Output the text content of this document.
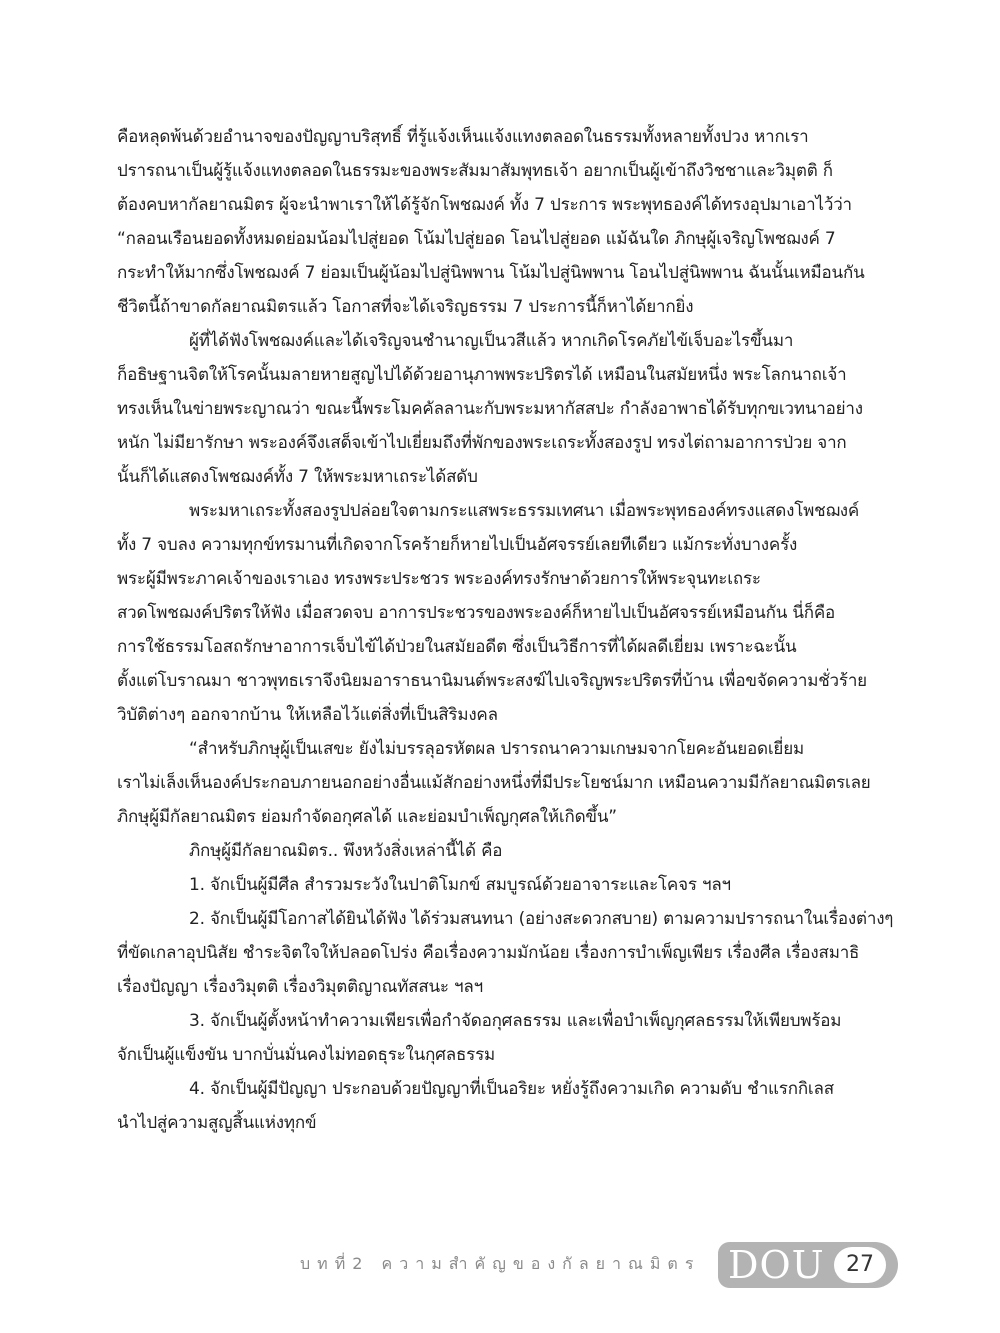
คือหลุดพ้นด้วยอำนาจของปัญญาบริสุทธิ์ ที่รู้แจ้งเห็นแจ้งแทงตลอดในธรรมทั้งหลายทั้งปวง หากเรา
ปรารถนาเป็นผู้รู้แจ้งแทงตลอดในธรรมะของพระสัมมาสัมพุทธเจ้า อยากเป็นผู้เข้าถึงวิชชาและวิมุตติ ก็
ต้องคบหากัลยาณมิตร ผู้จะนำพาเราให้ได้รู้จักโพชฌงค์ ทั้ง 7 ประการ พระพุทธองค์ได้ทรงอุปมาเอาไว้ว่า
“กลอนเรือนยอดทั้งหมดย่อมน้อมไปสู่ยอด โน้มไปสู่ยอด โอนไปสู่ยอด แม้ฉันใด ภิกษุผู้เจริญโพชฌงค์ 7
กระทำให้มากซึ่งโพชฌงค์ 7 ย่อมเป็นผู้น้อมไปสู่นิพพาน โน้มไปสู่นิพพาน โอนไปสู่นิพพาน ฉันนั้นเหมือนกัน
ชีวิตนี้ถ้าขาดกัลยาณมิตรแล้ว โอกาสที่จะได้เจริญธรรม 7 ประการนี้ก็หาได้ยากยิ่ง
ผู้ที่ได้ฟังโพชฌงค์และได้เจริญจนชำนาญเป็นวสีแล้ว หากเกิดโรคภัยไข้เจ็บอะไรขึ้นมา
ก็อธิษฐานจิตให้โรคนั้นมลายหายสูญไปได้ด้วยอานุภาพพระปริตรได้ เหมือนในสมัยหนึ่ง พระโลกนาถเจ้า
ทรงเห็นในข่ายพระญาณว่า ขณะนี้พระโมคคัลลานะกับพระมหากัสสปะ กำลังอาพาธได้รับทุกขเวทนาอย่าง
หนัก ไม่มียารักษา พระองค์จึงเสด็จเข้าไปเยี่ยมถึงที่พักของพระเถระทั้งสองรูป ทรงไต่ถามอาการป่วย จาก
นั้นก็ได้แสดงโพชฌงค์ทั้ง 7 ให้พระมหาเถระได้สดับ
พระมหาเถระทั้งสองรูปปล่อยใจตามกระแสพระธรรมเทศนา เมื่อพระพุทธองค์ทรงแสดงโพชฌงค์
ทั้ง 7 จบลง ความทุกข์ทรมานที่เกิดจากโรคร้ายก็หายไปเป็นอัศจรรย์เลยทีเดียว แม้กระทั่งบางครั้ง
พระผู้มีพระภาคเจ้าของเราเอง ทรงพระประชวร พระองค์ทรงรักษาด้วยการให้พระจุนทะเถระ
สวดโพชฌงค์ปริตรให้ฟัง เมื่อสวดจบ อาการประชวรของพระองค์ก็หายไปเป็นอัศจรรย์เหมือนกัน นี่ก็คือ
การใช้ธรรมโอสถรักษาอาการเจ็บไข้ได้ป่วยในสมัยอดีต ซึ่งเป็นวิธีการที่ได้ผลดีเยี่ยม เพราะฉะนั้น
ตั้งแต่โบราณมา ชาวพุทธเราจึงนิยมอาราธนานิมนต์พระสงฆ์ไปเจริญพระปริตรที่บ้าน เพื่อขจัดความชั่วร้าย
วิบัติต่างๆ ออกจากบ้าน ให้เหลือไว้แต่สิ่งที่เป็นสิริมงคล
“สำหรับภิกษุผู้เป็นเสขะ ยังไม่บรรลุอรหัตผล ปรารถนาความเกษมจากโยคะอันยอดเยี่ยม
เราไม่เล็งเห็นองค์ประกอบภายนอกอย่างอื่นแม้สักอย่างหนึ่งที่มีประโยชน์มาก เหมือนความมีกัลยาณมิตรเลย
ภิกษุผู้มีกัลยาณมิตร ย่อมกำจัดอกุศลได้ และย่อมบำเพ็ญกุศลให้เกิดขึ้น”
ภิกษุผู้มีกัลยาณมิตร.. พึงหวังสิ่งเหล่านี้ได้ คือ
1. จักเป็นผู้มีศีล สำรวมระวังในปาติโมกข์ สมบูรณ์ด้วยอาจาระและโคจร ฯลฯ
2. จักเป็นผู้มีโอกาสได้ยินได้ฟัง ได้ร่วมสนทนา (อย่างสะดวกสบาย) ตามความปรารถนาในเรื่องต่างๆ
ที่ขัดเกลาอุปนิสัย ชำระจิตใจให้ปลอดโปร่ง คือเรื่องความมักน้อย เรื่องการบำเพ็ญเพียร เรื่องศีล เรื่องสมาธิ
เรื่องปัญญา เรื่องวิมุตติ เรื่องวิมุตติญาณทัสสนะ ฯลฯ
3. จักเป็นผู้ตั้งหน้าทำความเพียรเพื่อกำจัดอกุศลธรรม และเพื่อบำเพ็ญกุศลธรรมให้เพียบพร้อม
จักเป็นผู้แข็งขัน บากบั่นมั่นคงไม่ทอดธุระในกุศลธรรม
4. จักเป็นผู้มีปัญญา ประกอบด้วยปัญญาที่เป็นอริยะ หยั่งรู้ถึงความเกิด ความดับ ชำแรกกิเลส
นำไปสู่ความสูญสิ้นแห่งทุกข์
บทที่2 ความสำคัญของกัลยาณมิตร DOU 27
